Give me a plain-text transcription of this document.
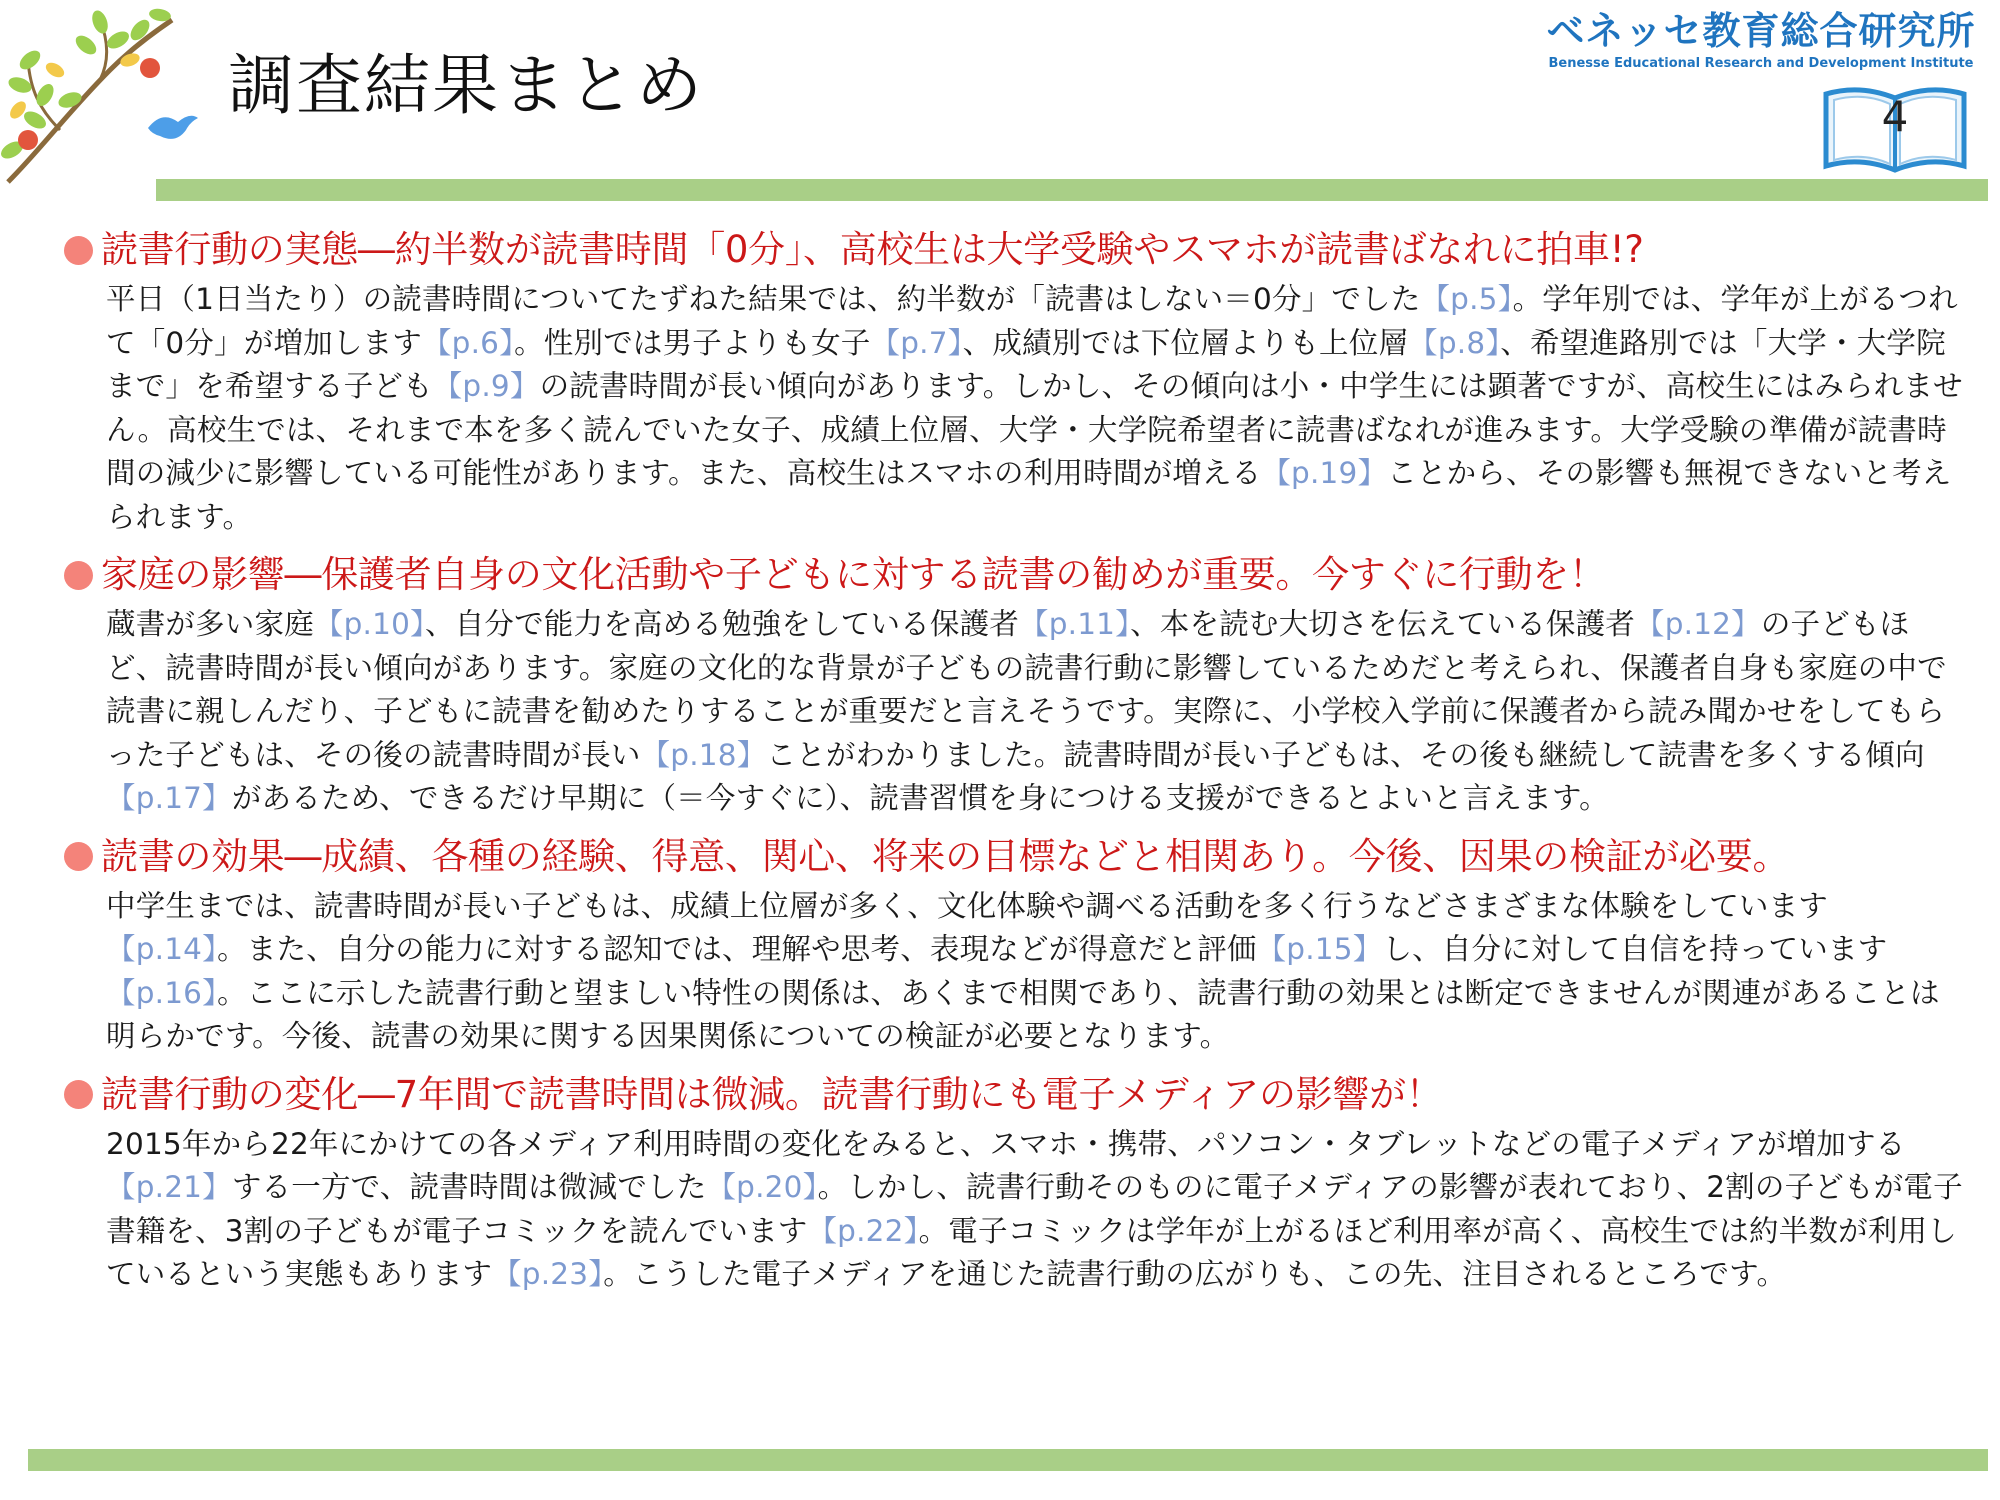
調査結果まとめ
ベネッセ教育総合研究所
Benesse Educational Research and Development Institute
4
読書行動の実態―約半数が読書時間「0分」、高校生は大学受験やスマホが読書ばなれに拍車!?

平日（1日当たり）の読書時間についてたずねた結果では、約半数が「読書はしない＝0分」でした【p.5】。学年別では、学年が上がるつれて「0分」が増加します【p.6】。性別では男子よりも女子【p.7】、成績別では下位層よりも上位層【p.8】、希望進路別では「大学・大学院まで」を希望する子ども【p.9】の読書時間が長い傾向があります。しかし、その傾向は小・中学生には顕著ですが、高校生にはみられません。高校生では、それまで本を多く読んでいた女子、成績上位層、大学・大学院希望者に読書ばなれが進みます。大学受験の準備が読書時間の減少に影響している可能性があります。また、高校生はスマホの利用時間が増える【p.19】ことから、その影響も無視できないと考えられます。

家庭の影響―保護者自身の文化活動や子どもに対する読書の勧めが重要。今すぐに行動を！

蔵書が多い家庭【p.10】、自分で能力を高める勉強をしている保護者【p.11】、本を読む大切さを伝えている保護者【p.12】の子どもほど、読書時間が長い傾向があります。家庭の文化的な背景が子どもの読書行動に影響しているためだと考えられ、保護者自身も家庭の中で読書に親しんだり、子どもに読書を勧めたりすることが重要だと言えそうです。実際に、小学校入学前に保護者から読み聞かせをしてもらった子どもは、その後の読書時間が長い【p.18】ことがわかりました。読書時間が長い子どもは、その後も継続して読書を多くする傾向【p.17】があるため、できるだけ早期に（＝今すぐに）、読書習慣を身につける支援ができるとよいと言えます。

読書の効果―成績、各種の経験、得意、関心、将来の目標などと相関あり。今後、因果の検証が必要。

中学生までは、読書時間が長い子どもは、成績上位層が多く、文化体験や調べる活動を多く行うなどさまざまな体験をしています【p.14】。また、自分の能力に対する認知では、理解や思考、表現などが得意だと評価【p.15】し、自分に対して自信を持っています【p.16】。ここに示した読書行動と望ましい特性の関係は、あくまで相関であり、読書行動の効果とは断定できませんが関連があることは明らかです。今後、読書の効果に関する因果関係についての検証が必要となります。

読書行動の変化―7年間で読書時間は微減。読書行動にも電子メディアの影響が！

2015年から22年にかけての各メディア利用時間の変化をみると、スマホ・携帯、パソコン・タブレットなどの電子メディアが増加する【p.21】する一方で、読書時間は微減でした【p.20】。しかし、読書行動そのものに電子メディアの影響が表れており、2割の子どもが電子書籍を、3割の子どもが電子コミックを読んでいます【p.22】。電子コミックは学年が上がるほど利用率が高く、高校生では約半数が利用しているという実態もあります【p.23】。こうした電子メディアを通じた読書行動の広がりも、この先、注目されるところです。
